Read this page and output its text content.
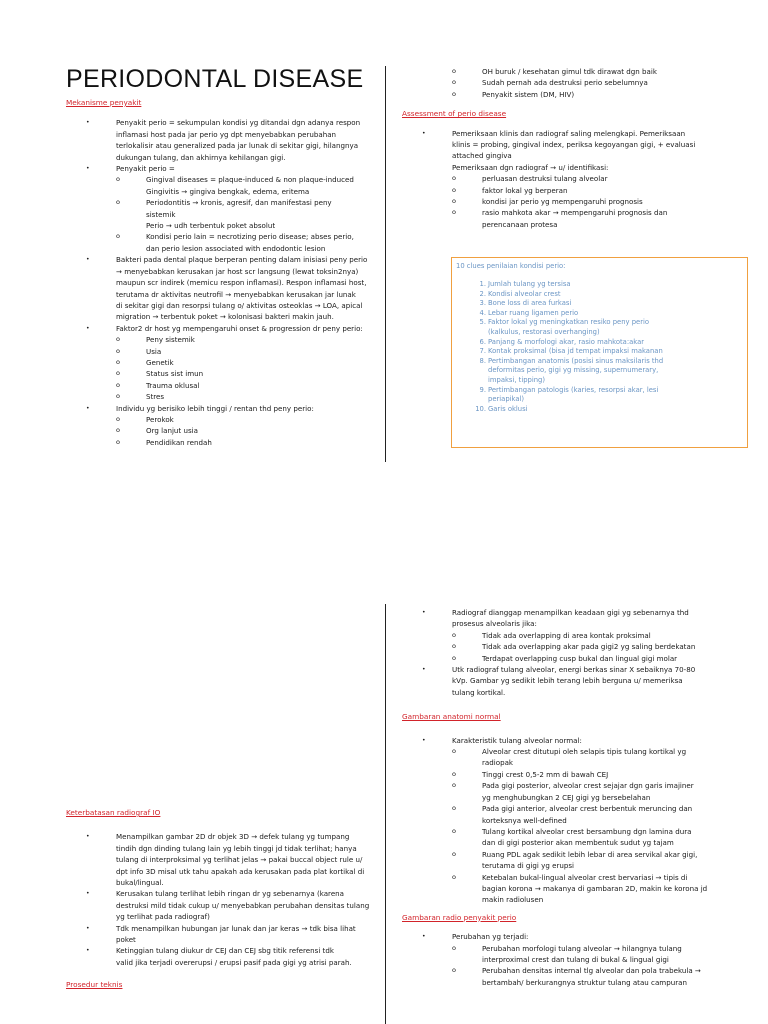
PERIODONTAL DISEASE
Mekanisme penyakit
• Penyakit perio = sekumpulan kondisi yg ditandai dgn adanya respon
inflamasi host pada jar perio yg dpt menyebabkan perubahan
terlokalisir atau generalized pada jar lunak di sekitar gigi, hilangnya
dukungan tulang, dan akhirnya kehilangan gigi.
• Penyakit perio =
o Gingival diseases = plaque-induced & non plaque-induced
Gingivitis → gingiva bengkak, edema, eritema
o Periodontitis → kronis, agresif, dan manifestasi peny
sistemik
Perio → udh terbentuk poket absolut
o Kondisi perio lain = necrotizing perio disease; abses perio,
dan perio lesion associated with endodontic lesion
• Bakteri pada dental plaque berperan penting dalam inisiasi peny perio
→ menyebabkan kerusakan jar host scr langsung (lewat toksin2nya)
maupun scr indirek (memicu respon inflamasi). Respon inflamasi host,
terutama dr aktivitas neutrofil → menyebabkan kerusakan jar lunak
di sekitar gigi dan resorpsi tulang o/ aktivitas osteoklas → LOA, apical
migration → terbentuk poket → kolonisasi bakteri makin jauh.
• Faktor2 dr host yg mempengaruhi onset & progression dr peny perio:
o Peny sistemik
o Usia
o Genetik
o Status sist imun
o Trauma oklusal
o Stres
• Individu yg berisiko lebih tinggi / rentan thd peny perio:
o Perokok
o Org lanjut usia
o Pendidikan rendah
Keterbatasan radiograf IO
• Menampilkan gambar 2D dr objek 3D → defek tulang yg tumpang
tindih dgn dinding tulang lain yg lebih tinggi jd tidak terlihat; hanya
tulang di interproksimal yg terlihat jelas → pakai buccal object rule u/
dpt info 3D misal utk tahu apakah ada kerusakan pada plat kortikal di
bukal/lingual.
• Kerusakan tulang terlihat lebih ringan dr yg sebenarnya (karena
destruksi mild tidak cukup u/ menyebabkan perubahan densitas tulang
yg terlihat pada radiograf)
• Tdk menampilkan hubungan jar lunak dan jar keras → tdk bisa lihat
poket
• Ketinggian tulang diukur dr CEJ dan CEJ sbg titik referensi tdk
valid jika terjadi overerupsi / erupsi pasif pada gigi yg atrisi parah.
Prosedur teknis
o OH buruk / kesehatan gimul tdk dirawat dgn baik
o Sudah pernah ada destruksi perio sebelumnya
o Penyakit sistem (DM, HIV)
Assessment of perio disease
• Pemeriksaan klinis dan radiograf saling melengkapi. Pemeriksaan
klinis = probing, gingival index, periksa kegoyangan gigi, + evaluasi
attached gingiva
Pemeriksaan dgn radiograf → u/ identifikasi:
o perluasan destruksi tulang alveolar
o faktor lokal yg berperan
o kondisi jar perio yg mempengaruhi prognosis
o rasio mahkota akar → mempengaruhi prognosis dan
perencanaan protesa
10 clues penilaian kondisi perio:
1. Jumlah tulang yg tersisa
2. Kondisi alveolar crest
3. Bone loss di area furkasi
4. Lebar ruang ligamen perio
5. Faktor lokal yg meningkatkan resiko peny perio
(kalkulus, restorasi overhanging)
6. Panjang & morfologi akar, rasio mahkota:akar
7. Kontak proksimal (bisa jd tempat impaksi makanan
8. Pertimbangan anatomis (posisi sinus maksilaris thd
deformitas perio, gigi yg missing, supernumerary,
impaksi, tipping)
9. Pertimbangan patologis (karies, resorpsi akar, lesi
periapikal)
10. Garis oklusi
• Radiograf dianggap menampilkan keadaan gigi yg sebenarnya thd
prosesus alveolaris jika:
o Tidak ada overlapping di area kontak proksimal
o Tidak ada overlapping akar pada gigi2 yg saling berdekatan
o Terdapat overlapping cusp bukal dan lingual gigi molar
• Utk radiograf tulang alveolar, energi berkas sinar X sebaiknya 70-80
kVp. Gambar yg sedikit lebih terang lebih berguna u/ memeriksa
tulang kortikal.
Gambaran anatomi normal
• Karakteristik tulang alveolar normal:
o Alveolar crest ditutupi oleh selapis tipis tulang kortikal yg
radiopak
o Tinggi crest 0,5-2 mm di bawah CEJ
o Pada gigi posterior, alveolar crest sejajar dgn garis imajiner
yg menghubungkan 2 CEJ gigi yg bersebelahan
o Pada gigi anterior, alveolar crest berbentuk meruncing dan
korteksnya well-defined
o Tulang kortikal alveolar crest bersambung dgn lamina dura
dan di gigi posterior akan membentuk sudut yg tajam
o Ruang PDL agak sedikit lebih lebar di area servikal akar gigi,
terutama di gigi yg erupsi
o Ketebalan bukal-lingual alveolar crest bervariasi → tipis di
bagian korona → makanya di gambaran 2D, makin ke korona jd
makin radiolusen
Gambaran radio penyakit perio
• Perubahan yg terjadi:
o Perubahan morfologi tulang alveolar → hilangnya tulang
interproximal crest dan tulang di bukal & lingual gigi
o Perubahan densitas internal tlg alveolar dan pola trabekula →
bertambah/ berkurangnya struktur tulang atau campuran
